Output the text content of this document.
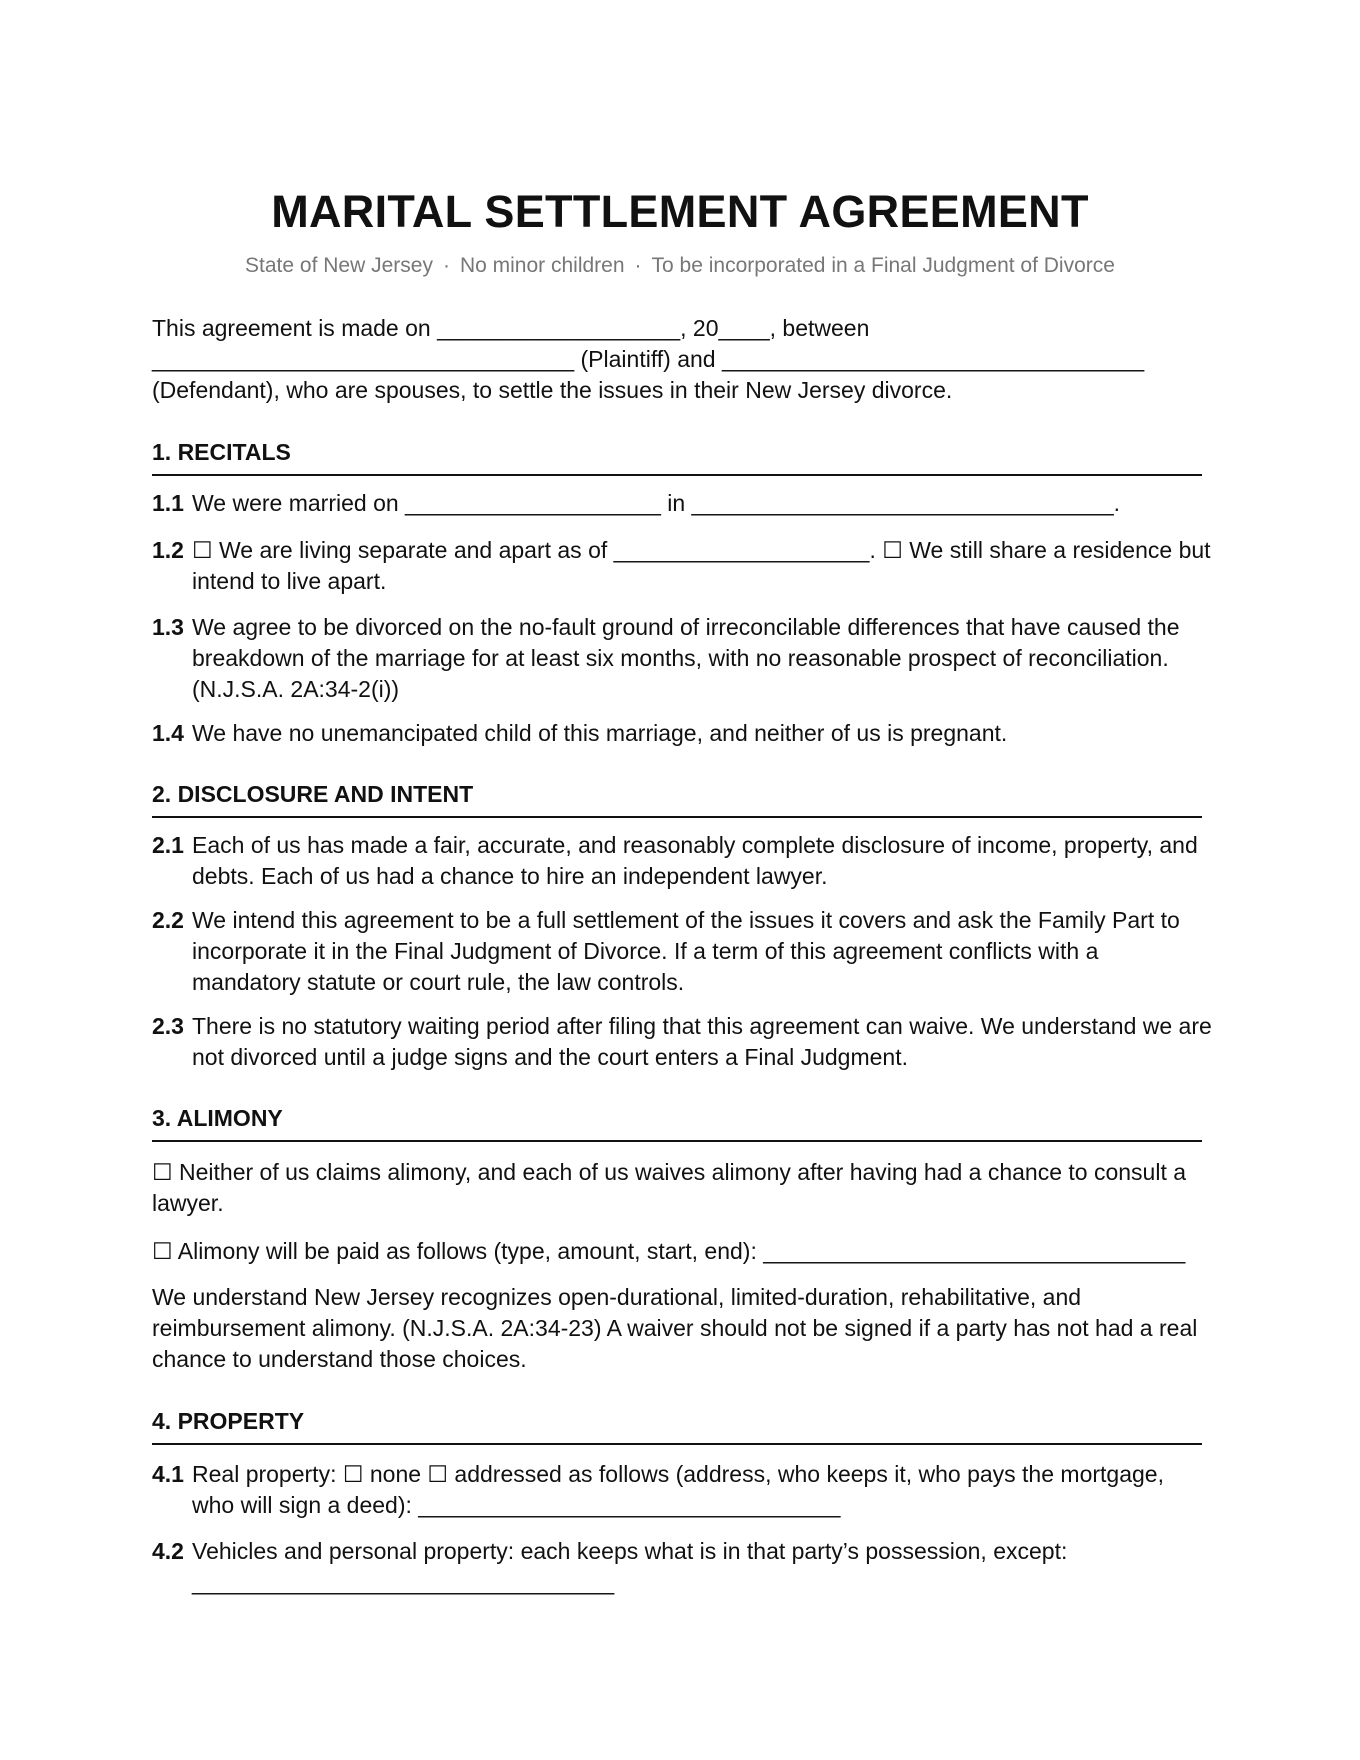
MARITAL SETTLEMENT AGREEMENT
State of New Jersey · No minor children · To be incorporated in a Final Judgment of Divorce
This agreement is made on ___________________, 20____, between
_________________________________ (Plaintiff) and _________________________________
(Defendant), who are spouses, to settle the issues in their New Jersey divorce.
1. RECITALS
1.1 We were married on ____________________ in _________________________________.
1.2 ☐ We are living separate and apart as of ____________________. ☐ We still share a residence but intend to live apart.
1.3 We agree to be divorced on the no-fault ground of irreconcilable differences that have caused the breakdown of the marriage for at least six months, with no reasonable prospect of reconciliation. (N.J.S.A. 2A:34-2(i))
1.4 We have no unemancipated child of this marriage, and neither of us is pregnant.
2. DISCLOSURE AND INTENT
2.1 Each of us has made a fair, accurate, and reasonably complete disclosure of income, property, and debts. Each of us had a chance to hire an independent lawyer.
2.2 We intend this agreement to be a full settlement of the issues it covers and ask the Family Part to incorporate it in the Final Judgment of Divorce. If a term of this agreement conflicts with a mandatory statute or court rule, the law controls.
2.3 There is no statutory waiting period after filing that this agreement can waive. We understand we are not divorced until a judge signs and the court enters a Final Judgment.
3. ALIMONY
☐ Neither of us claims alimony, and each of us waives alimony after having had a chance to consult a lawyer.
☐ Alimony will be paid as follows (type, amount, start, end): _________________________________
We understand New Jersey recognizes open-durational, limited-duration, rehabilitative, and reimbursement alimony. (N.J.S.A. 2A:34-23) A waiver should not be signed if a party has not had a real chance to understand those choices.
4. PROPERTY
4.1 Real property: ☐ none ☐ addressed as follows (address, who keeps it, who pays the mortgage, who will sign a deed): _________________________________
4.2 Vehicles and personal property: each keeps what is in that party’s possession, except: _________________________________
